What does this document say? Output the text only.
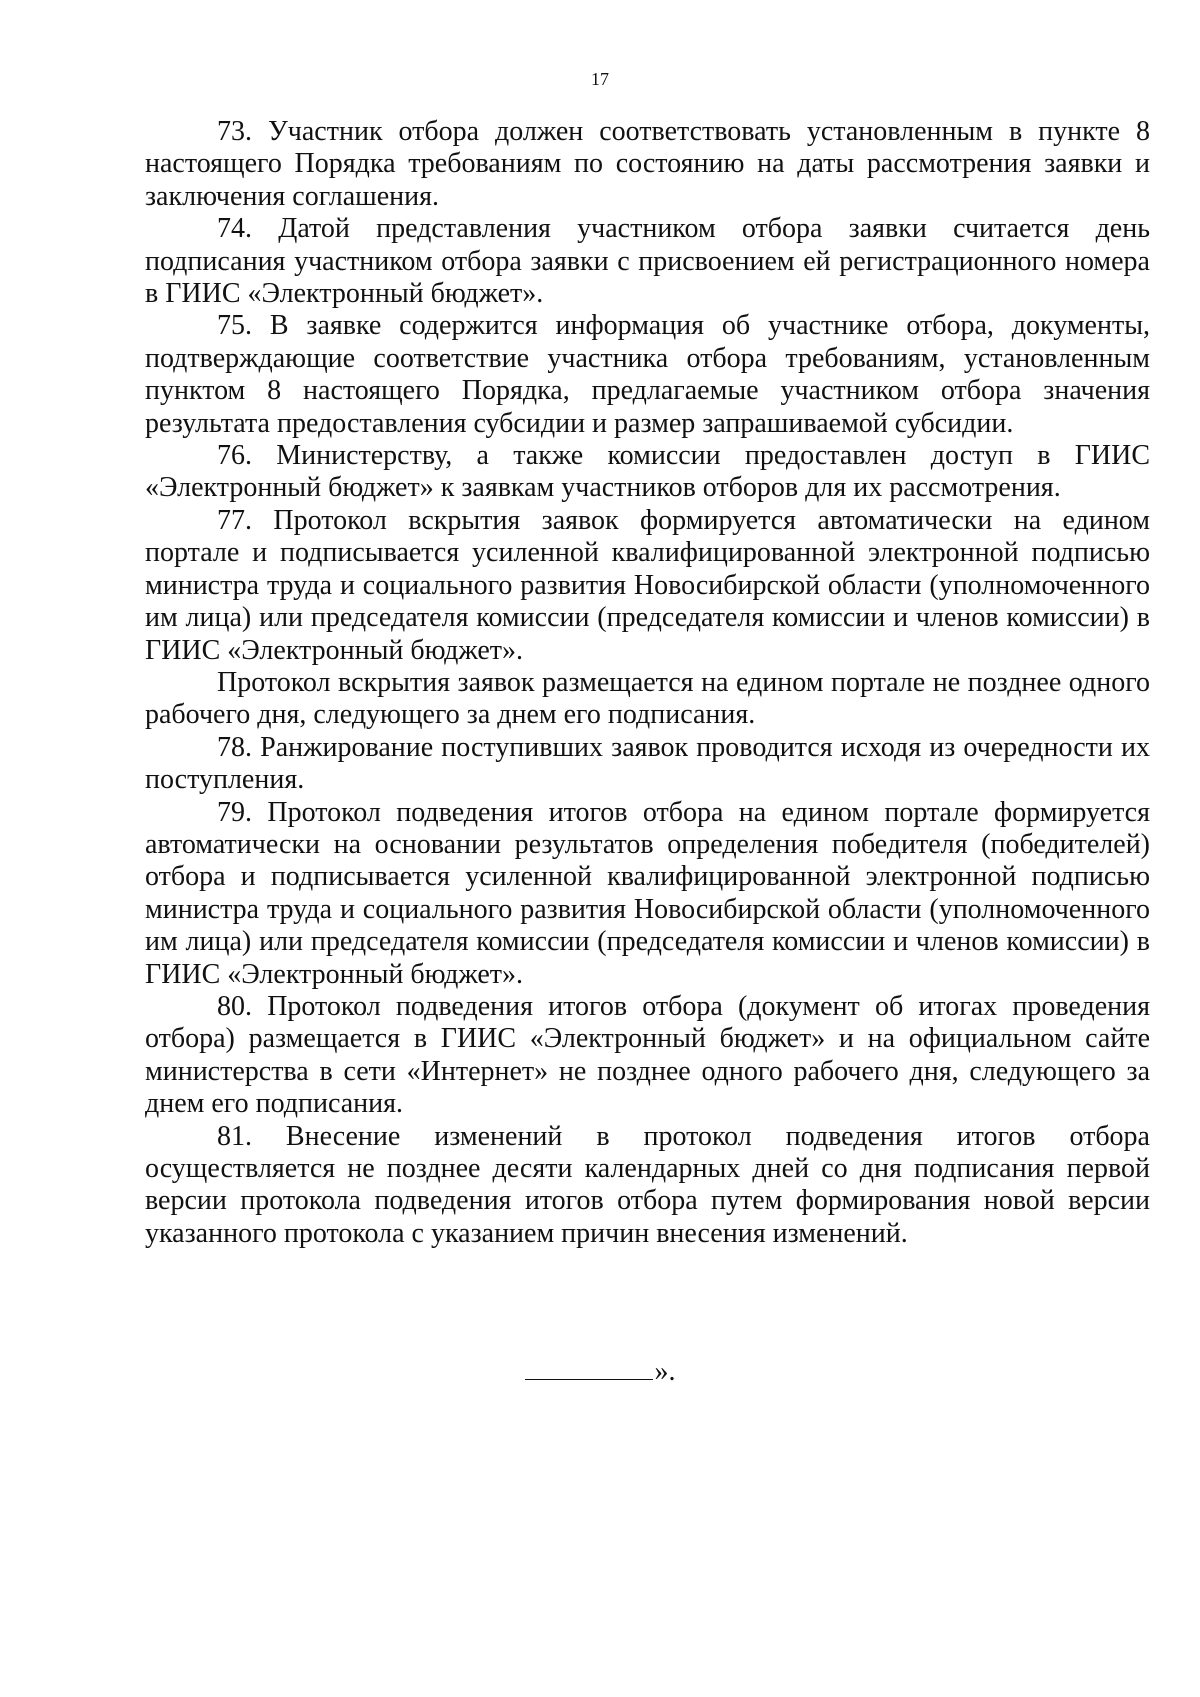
17

73. Участник отбора должен соответствовать установленным в пункте 8 настоящего Порядка требованиям по состоянию на даты рассмотрения заявки и заключения соглашения.

74. Датой представления участником отбора заявки считается день подписания участником отбора заявки с присвоением ей регистрационного номера в ГИИС «Электронный бюджет».

75. В заявке содержится информация об участнике отбора, документы, подтверждающие соответствие участника отбора требованиям, установленным пунктом 8 настоящего Порядка, предлагаемые участником отбора значения результата предоставления субсидии и размер запрашиваемой субсидии.

76. Министерству, а также комиссии предоставлен доступ в ГИИС «Электронный бюджет» к заявкам участников отборов для их рассмотрения.

77. Протокол вскрытия заявок формируется автоматически на едином портале и подписывается усиленной квалифицированной электронной подписью министра труда и социального развития Новосибирской области (уполномоченного им лица) или председателя комиссии (председателя комиссии и членов комиссии) в ГИИС «Электронный бюджет».

Протокол вскрытия заявок размещается на едином портале не позднее одного рабочего дня, следующего за днем его подписания.

78. Ранжирование поступивших заявок проводится исходя из очередности их поступления.

79. Протокол подведения итогов отбора на едином портале формируется автоматически на основании результатов определения победителя (победителей) отбора и подписывается усиленной квалифицированной электронной подписью министра труда и социального развития Новосибирской области (уполномоченного им лица) или председателя комиссии (председателя комиссии и членов комиссии) в ГИИС «Электронный бюджет».

80. Протокол подведения итогов отбора (документ об итогах проведения отбора) размещается в ГИИС «Электронный бюджет» и на официальном сайте министерства в сети «Интернет» не позднее одного рабочего дня, следующего за днем его подписания.

81. Внесение изменений в протокол подведения итогов отбора осуществляется не позднее десяти календарных дней со дня подписания первой версии протокола подведения итогов отбора путем формирования новой версии указанного протокола с указанием причин внесения изменений.

».
